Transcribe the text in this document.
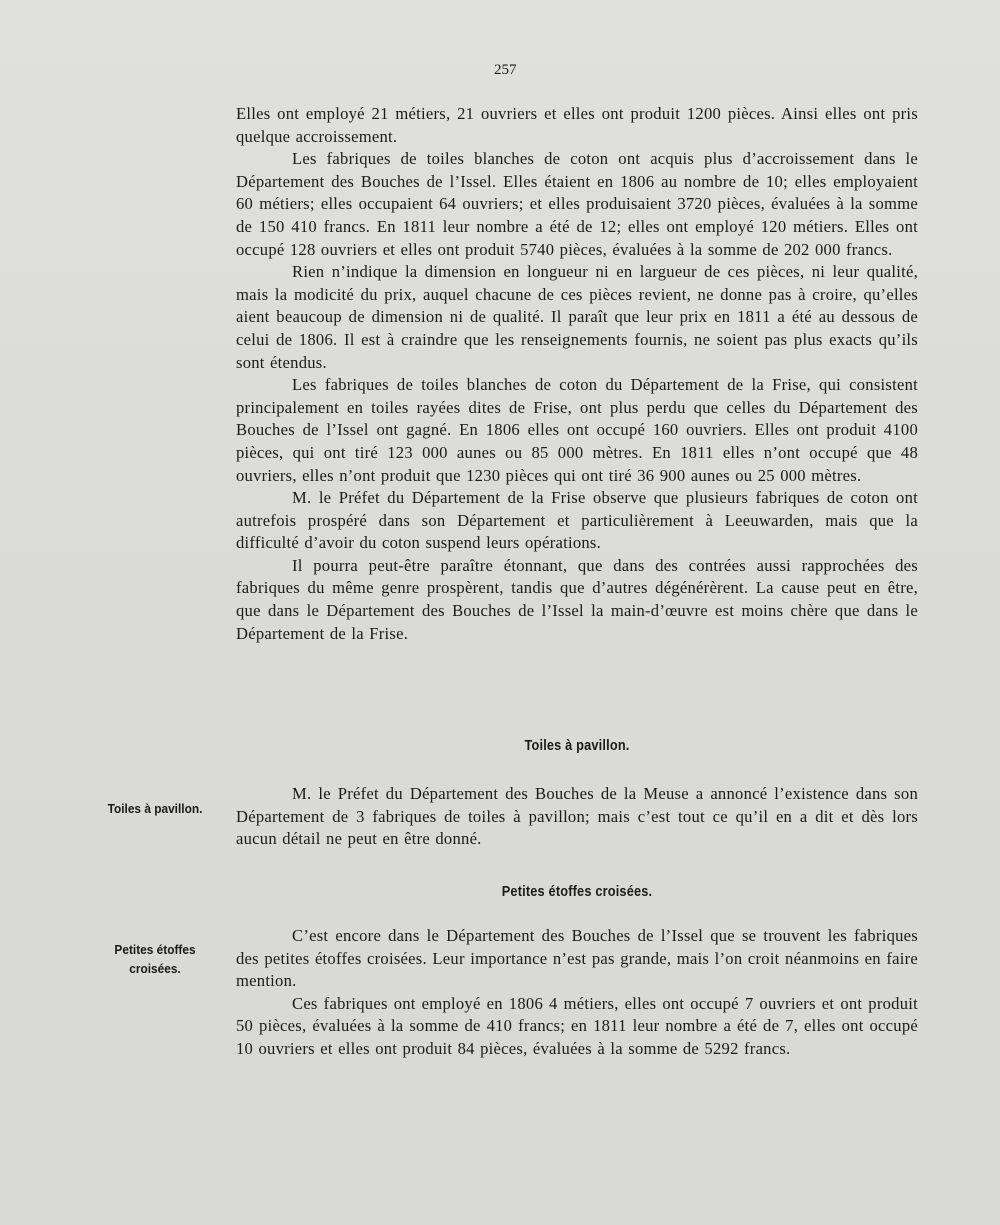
257

Elles ont employé 21 métiers, 21 ouvriers et elles ont produit 1200 pièces. Ainsi elles ont pris quelque accroissement.

Les fabriques de toiles blanches de coton ont acquis plus d’accroissement dans le Département des Bouches de l’Issel. Elles étaient en 1806 au nombre de 10; elles employaient 60 métiers; elles occupaient 64 ouvriers; et elles produisaient 3720 pièces, évaluées à la somme de 150 410 francs. En 1811 leur nombre a été de 12; elles ont employé 120 métiers. Elles ont occupé 128 ouvriers et elles ont produit 5740 pièces, évaluées à la somme de 202 000 francs.

Rien n’indique la dimension en longueur ni en largueur de ces pièces, ni leur qualité, mais la modicité du prix, auquel chacune de ces pièces revient, ne donne pas à croire, qu’elles aient beaucoup de dimension ni de qualité. Il paraît que leur prix en 1811 a été au dessous de celui de 1806. Il est à craindre que les renseignements fournis, ne soient pas plus exacts qu’ils sont étendus.

Les fabriques de toiles blanches de coton du Département de la Frise, qui consistent principalement en toiles rayées dites de Frise, ont plus perdu que celles du Département des Bouches de l’Issel ont gagné. En 1806 elles ont occupé 160 ouvriers. Elles ont produit 4100 pièces, qui ont tiré 123 000 aunes ou 85 000 mètres. En 1811 elles n’ont occupé que 48 ouvriers, elles n’ont produit que 1230 pièces qui ont tiré 36 900 aunes ou 25 000 mètres.

M. le Préfet du Département de la Frise observe que plusieurs fabriques de coton ont autrefois prospéré dans son Département et particulièrement à Leeuwarden, mais que la difficulté d’avoir du coton suspend leurs opérations.

Il pourra peut-être paraître étonnant, que dans des contrées aussi rapprochées des fabriques du même genre prospèrent, tandis que d’autres dégénérèrent. La cause peut en être, que dans le Département des Bouches de l’Issel la main-d’œuvre est moins chère que dans le Département de la Frise.

Toiles à pavillon.
Toiles à pavillon.

M. le Préfet du Département des Bouches de la Meuse a annoncé l’existence dans son Département de 3 fabriques de toiles à pavillon; mais c’est tout ce qu’il en a dit et dès lors aucun détail ne peut en être donné.

Petites étoffes croisées.
Petites étoffes
croisées.

C’est encore dans le Département des Bouches de l’Issel que se trouvent les fabriques des petites étoffes croisées. Leur importance n’est pas grande, mais l’on croit néanmoins en faire mention.

Ces fabriques ont employé en 1806 4 métiers, elles ont occupé 7 ouvriers et ont produit 50 pièces, évaluées à la somme de 410 francs; en 1811 leur nombre a été de 7, elles ont occupé 10 ouvriers et elles ont produit 84 pièces, évaluées à la somme de 5292 francs.
